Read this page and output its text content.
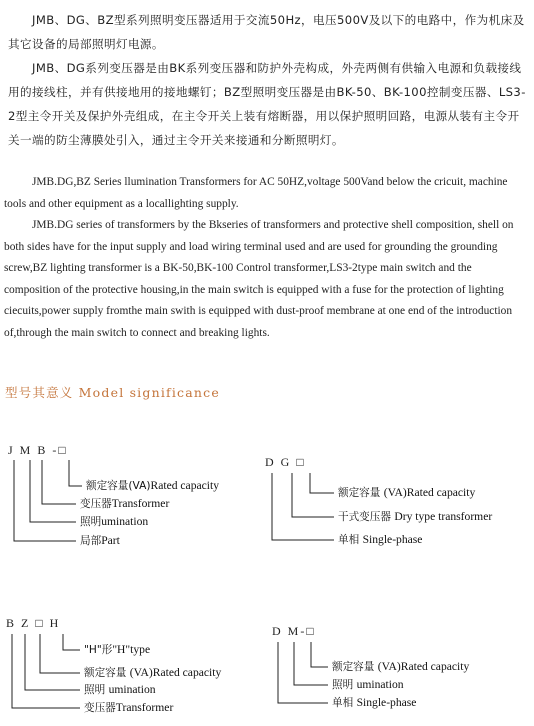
JMB、DG、BZ型系列照明变压器适用于交流50Hz，电压500V及以下的电路中，作为机床及其它设备的局部照明灯电源。

JMB、DG系列变压器是由BK系列变压器和防护外壳构成，外壳两侧有供输入电源和负载接线用的接线柱，并有供接地用的接地螺钉；BZ型照明变压器是由BK-50、BK-100控制变压器、LS3-2型主令开关及保护外壳组成，在主令开关上装有熔断器，用以保护照明回路，电源从装有主令开关一端的防尘薄膜处引入，通过主令开关来接通和分断照明灯。

JMB.DG,BZ Series llumination Transformers for AC 50HZ,voltage 500Vand below the cricuit, machine tools and other equipment as a locallighting supply.

JMB.DG series of transformers by the Bkseries of transformers and protective shell composition, shell on both sides have for the input supply and load wiring terminal used and are used for grounding the grounding screw,BZ lighting transformer is a BK-50,BK-100 Control transformer,LS3-2type main switch and the composition of the protective housing,in the main switch is equipped with a fuse for the protection of lighting ciecuits,power supply fromthe main swith is equipped with dust-proof membrane at one end of the introduction of,through the main switch to connect and breaking lights.

型号其意义 Model significance
J M B -□
额定容量(VA)Rated capacity
变压器Transformer
照明umination
局部Part
D G □
额定容量 (VA)Rated capacity
干式变压器 Dry type transformer
单相 Single-phase
B Z □ H
"H"形"H"type
额定容量 (VA)Rated capacity
照明 umination
变压器Transformer
D M-□
额定容量 (VA)Rated capacity
照明 umination
单相 Single-phase
